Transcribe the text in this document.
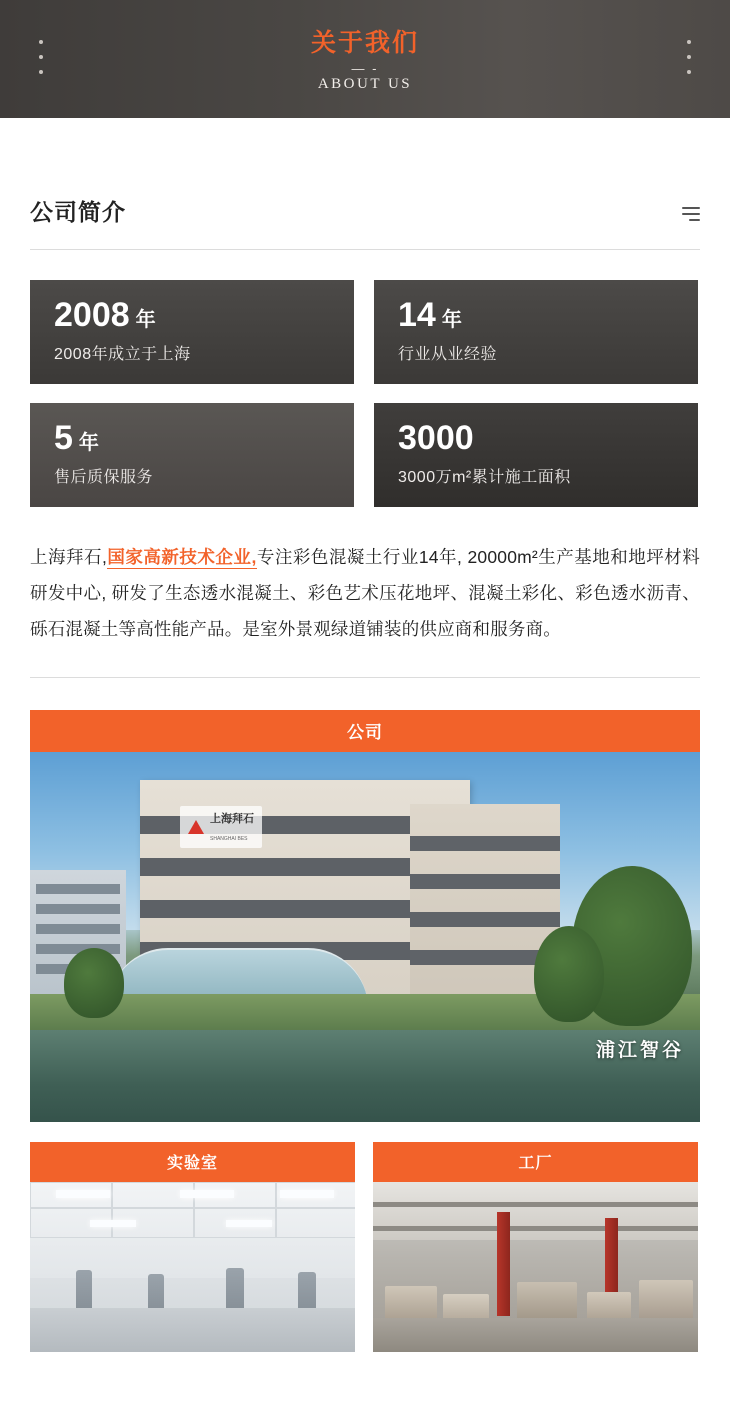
关于我们
— -
ABOUT US
公司简介
2008 年
2008年成立于上海
14 年
行业从业经验
5 年
售后质保服务
3000
3000万m²累计施工面积

上海拜石,国家高新技术企业,专注彩色混凝土行业14年, 20000m²生产基地和地坪材料研发中心, 研发了生态透水混凝土、彩色艺术压花地坪、混凝土彩化、彩色透水沥青、砾石混凝土等高性能产品。是室外景观绿道铺装的供应商和服务商。

公司
上海拜石
SHANGHAI BES
浦江智谷
实验室	工厂
